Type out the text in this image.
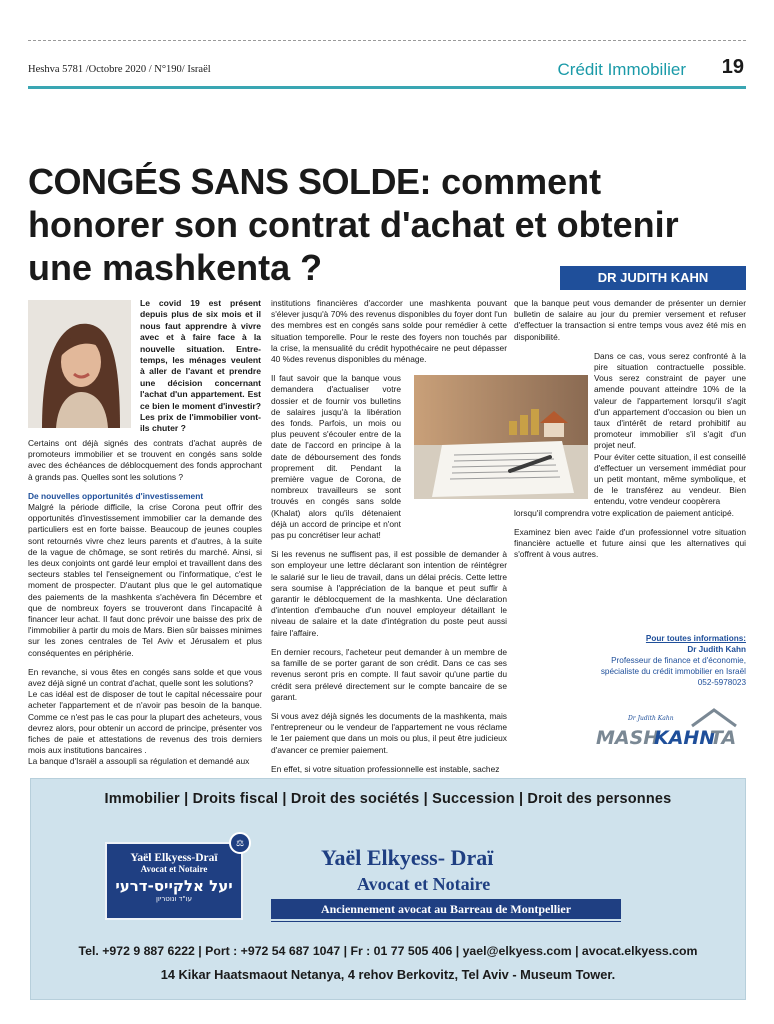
Heshva 5781 /Octobre 2020 / N°190/ Israël	Crédit Immobilier 19
CONGÉS SANS SOLDE: comment honorer son contrat d'achat et obtenir une mashkenta ?	DR JUDITH KAHN

Le covid 19 est présent depuis plus de six mois et il nous faut apprendre à vivre avec et à faire face à la nouvelle situation. Entre-temps, les ménages veulent à aller de l'avant et prendre une décision concernant l'achat d'un appartement. Est ce bien le moment d'investir? Les prix de l'immobilier vont-ils chuter ?

Certains ont déjà signés des contrats d'achat auprès de promoteurs immobilier et se trouvent en congés sans solde avec des échéances de déblocquement des fonds approchant à grands pas. Quelles sont les solutions ?

De nouvelles opportunités d'investissement

Malgré la période difficile, la crise Corona peut offrir des opportunités d'investissement immobilier car la demande des particuliers est en forte baisse. Beaucoup de jeunes couples sont retournés vivre chez leurs parents et d'autres, à la suite de la vague de chômage, se sont retirés du marché. Ainsi, si les deux conjoints ont gardé leur emploi et travaillent dans des secteurs stables tel l'enseignement ou l'informatique, c'est le moment de prospecter. D'autant plus que le gel automatique des paiements de la mashkenta s'achèvera fin Décembre et que de nombreux foyers se trouveront dans l'incapacité à financer leur achat. Il faut donc prévoir une baisse des prix de l'immobilier à partir du mois de Mars. Bien sûr baisses minimes sur les zones centrales de Tel Aviv et Jérusalem et plus conséquentes en périphérie.

En revanche, si vous êtes en congés sans solde et que vous avez déjà signé un contrat d'achat, quelle sont les solutions?

Le cas idéal est de disposer de tout le capital nécessaire pour acheter l'appartement et de n'avoir pas besoin de la banque. Comme ce n'est pas le cas pour la plupart des acheteurs, vous devrez alors, pour obtenir un accord de principe, présenter vos fiches de paie et attestations de revenus des trois derniers mois aux institutions bancaires .

La banque d'Israël a assoupli sa régulation et demandé aux

institutions financières d'accorder une mashkenta pouvant s'élever jusqu'à 70% des revenus disponibles du foyer dont l'un des membres est en congés sans solde pour remédier à cette situation temporelle. Pour le reste des foyers non touchés par la crise, la mensualité du crédit hypothécaire ne peut dépasser 40 %des revenus disponibles du ménage.

Il faut savoir que la banque vous demandera d'actualiser votre dossier et de fournir vos bulletins de salaires jusqu'à la libération des fonds. Parfois, un mois ou plus peuvent s'écouler entre de la date de l'accord en principe à la date de déboursement des fonds proprement dit. Pendant la première vague de Corona, de nombreux travailleurs se sont trouvés en congés sans solde (Khalat) alors qu'ils détenaient déjà un accord de principe et n'ont pas pu concrétiser leur achat!

Si les revenus ne suffisent pas, il est possible de demander à son employeur une lettre déclarant son intention de réintégrer le salarié sur le lieu de travail, dans un délai précis. Cette lettre sera soumise à l'appréciation de la banque et peut suffir à garantir le déblocquement de la mashkenta. Une déclaration d'intention d'embauche d'un nouvel employeur détaillant le niveau de salaire et la date d'intégration du poste peut aussi faire l'affaire.

En dernier recours, l'acheteur peut demander à un membre de sa famille de se porter garant de son crédit. Dans ce cas ses revenus seront pris en compte. Il faut savoir qu'une partie du crédit sera prélevé directement sur le compte bancaire de se garant.

Si vous avez déjà signés les documents de la mashkenta, mais l'entrepreneur ou le vendeur de l'appartement ne vous réclame le 1er paiement que dans un mois ou plus, il peut être judicieux d'avancer ce premier paiement.

En effet, si votre situation professionnelle est instable, sachez

que la banque peut vous demander de présenter un dernier bulletin de salaire au jour du premier versement et refuser d'effectuer la transaction si entre temps vous avez été mis en disponibilité.

Dans ce cas, vous serez confronté à la pire situation contractuelle possible. Vous serez constraint de payer une amende pouvant atteindre 10% de la valeur de l'appartement lorsqu'il s'agit d'un appartement d'occasion ou bien un taux d'intérêt de retard prohibitif au promoteur immobilier s'il s'agit d'un projet neuf.

Pour éviter cette situation, il est conseillé d'effectuer un versement immédiat pour un petit montant, même symbolique, et de le transférez au vendeur. Bien entendu, votre vendeur coopèrera

lorsqu'il comprendra votre explication de paiement anticipé.

Examinez bien avec l'aide d'un professionnel votre situation financière actuelle et future ainsi que les alternatives qui s'offrent à vous autres.

Pour toutes informations:
Dr Judith Kahn
Professeur de finance et d'économie,
spécialiste du crédit immobilier en Israël
052-5978023
Dr Judith Kahn
MASH
KAHN
TA
Immobilier | Droits fiscal | Droit des sociétés | Succession | Droit des personnes
⚖
Yaël Elkyess-Draï
Avocat et Notaire
יעל אלקייס-דרעי
עו"ד ונוטריון
Yaël Elkyess- Draï
Avocat et Notaire
Anciennement avocat au Barreau de Montpellier
Tel. +972 9 887 6222 | Port : +972 54 687 1047 | Fr : 01 77 505 406 | yael@elkyess.com | avocat.elkyess.com
14 Kikar Haatsmaout Netanya, 4 rehov Berkovitz, Tel Aviv - Museum Tower.
